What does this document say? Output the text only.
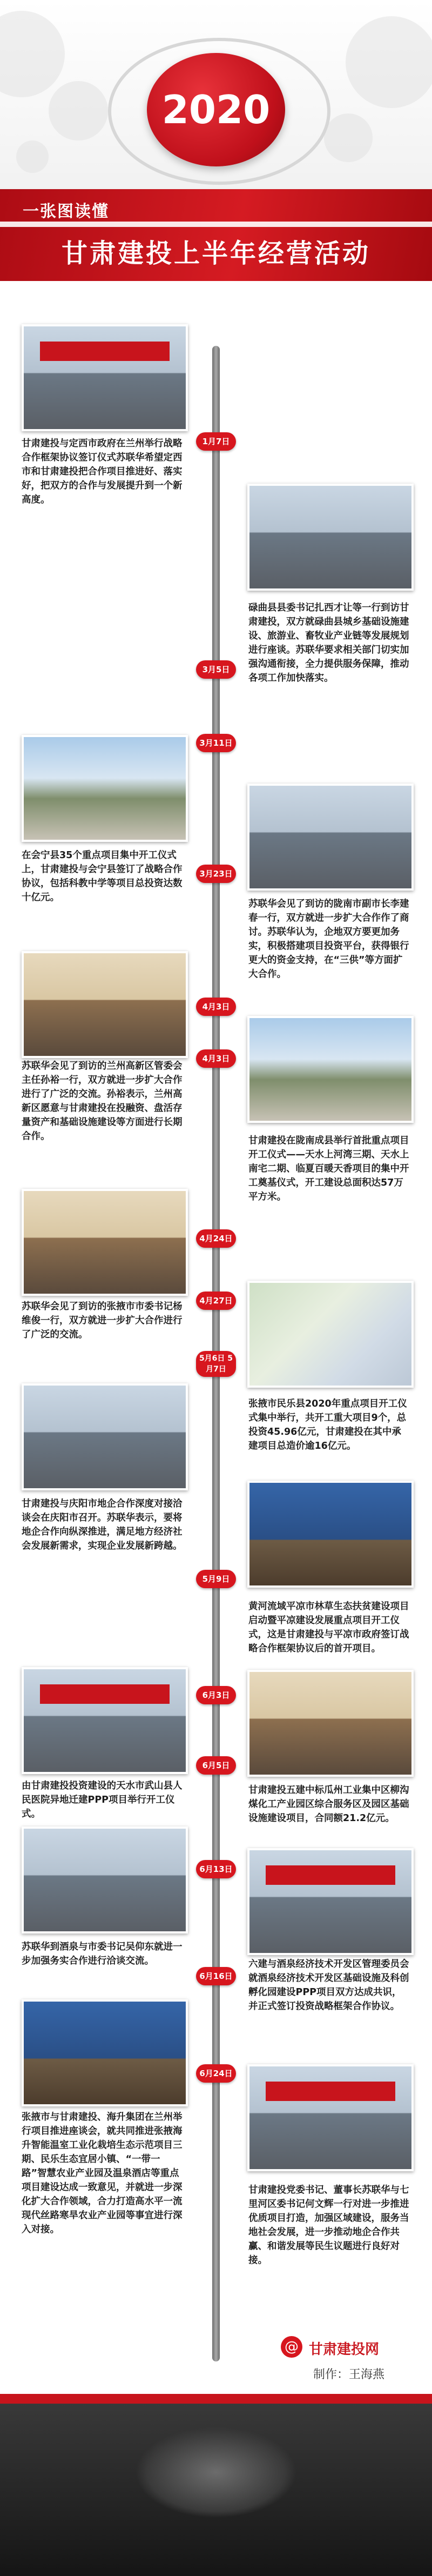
2020
一张图读懂
甘肃建投上半年经营活动
1月7日

甘肃建投与定西市政府在兰州举行战略合作框架协议签订仪式苏联华希望定西市和甘肃建投把合作项目推进好、落实好，把双方的合作与发展提升到一个新高度。

碌曲县县委书记扎西才让等一行到访甘肃建投，双方就碌曲县城乡基础设施建设、旅游业、畜牧业产业链等发展规划进行座谈。苏联华要求相关部门切实加强沟通衔接，全力提供服务保障，推动各项工作加快落实。

3月5日
3月11日

在会宁县35个重点项目集中开工仪式上，甘肃建投与会宁县签订了战略合作协议，包括科教中学等项目总投资达数十亿元。

3月23日

苏联华会见了到访的陇南市副市长李建春一行，双方就进一步扩大合作作了商讨。苏联华认为，企地双方要更加务实，积极搭建项目投资平台，获得银行更大的资金支持，在“三供”等方面扩大合作。

4月3日

苏联华会见了到访的兰州高新区管委会主任孙裕一行，双方就进一步扩大合作进行了广泛的交流。孙裕表示，兰州高新区愿意与甘肃建投在投融资、盘活存量资产和基础设施建设等方面进行长期合作。

4月3日

甘肃建投在陇南成县举行首批重点项目开工仪式——天水上河湾三期、天水上南宅二期、临夏百暖天香项目的集中开工奠基仪式，开工建设总面积达57万平方米。

4月24日

苏联华会见了到访的张掖市市委书记杨维俊一行，双方就进一步扩大合作进行了广泛的交流。

4月27日

张掖市民乐县2020年重点项目开工仪式集中举行，共开工重大项目9个，总投资45.96亿元，甘肃建投在其中承建项目总造价逾16亿元。

5月6日 5月7日

甘肃建投与庆阳市地企合作深度对接洽谈会在庆阳市召开。苏联华表示，要将地企合作向纵深推进，满足地方经济社会发展新需求，实现企业发展新跨越。

5月9日

黄河流域平凉市林草生态扶贫建设项目启动暨平凉建设发展重点项目开工仪式，这是甘肃建投与平凉市政府签订战略合作框架协议后的首开项目。

6月3日

由甘肃建投投资建设的天水市武山县人民医院异地迁建PPP项目举行开工仪式。

6月5日

甘肃建投五建中标瓜州工业集中区柳沟煤化工产业园区综合服务区及园区基础设施建设项目，合同额21.2亿元。

6月13日

苏联华到酒泉与市委书记吴仰东就进一步加强务实合作进行洽谈交流。

6月16日

六建与酒泉经济技术开发区管理委员会就酒泉经济技术开发区基础设施及科创孵化园建设PPP项目双方达成共识，并正式签订投资战略框架合作协议。

6月24日

张掖市与甘肃建投、海升集团在兰州举行项目推进座谈会，就共同推进张掖海升智能温室工业化栽培生态示范项目三期、民乐生态宜居小镇、“一带一路”智慧农业产业园及温泉酒店等重点项目建设达成一致意见，并就进一步深化扩大合作领域，合力打造高水平一流现代丝路寒旱农业产业园等事宜进行深入对接。

甘肃建投党委书记、董事长苏联华与七里河区委书记何文辉一行对进一步推进优质项目打造，加强区域建设，服务当地社会发展，进一步推动地企合作共赢、和谐发展等民生议题进行良好对接。

@ 甘肃建投网
制作：王海燕
